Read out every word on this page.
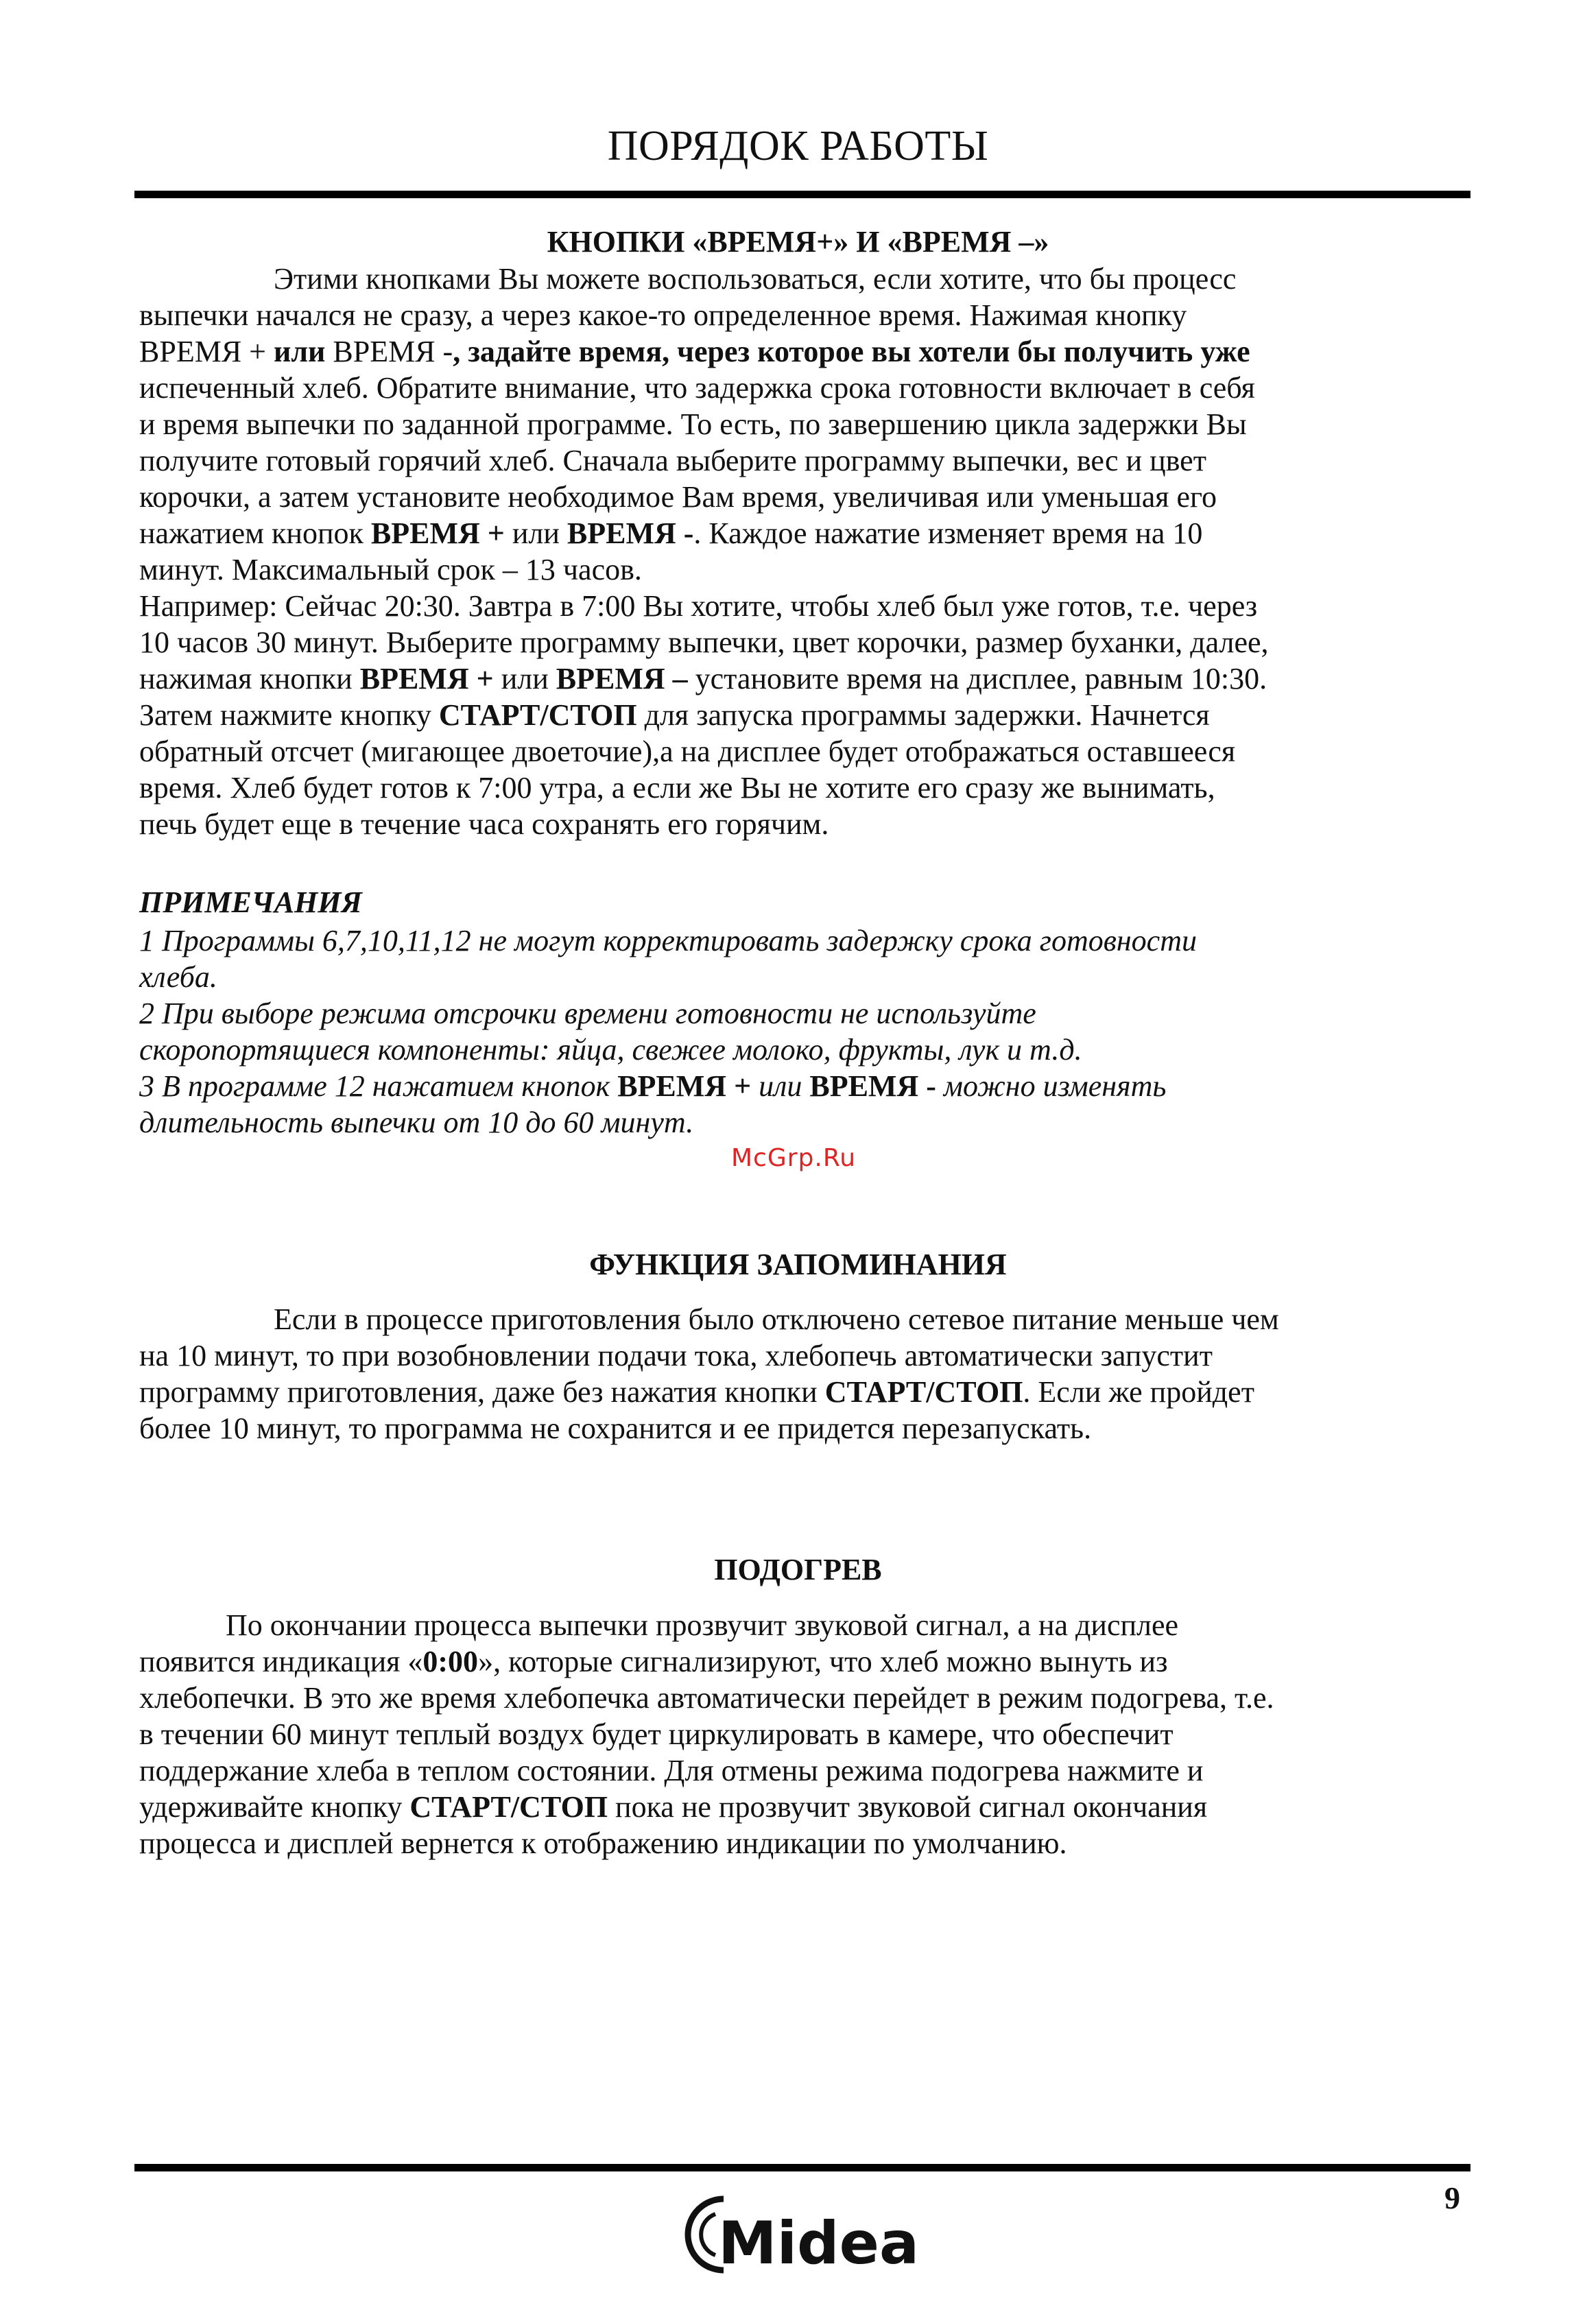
ПОРЯДОК РАБОТЫ
КНОПКИ «ВРЕМЯ+» И «ВРЕМЯ –»
Этими кнопками Вы можете воспользоваться, если хотите, что бы процесс
выпечки начался не сразу, а через какое-то определенное время. Нажимая кнопку
ВРЕМЯ + или ВРЕМЯ -, задайте время, через которое вы хотели бы получить уже
испеченный хлеб. Обратите внимание, что задержка срока готовности включает в себя
и время выпечки по заданной программе. То есть, по завершению цикла задержки Вы
получите готовый горячий хлеб. Сначала выберите программу выпечки, вес и цвет
корочки, а затем установите необходимое Вам время, увеличивая или уменьшая его
нажатием кнопок ВРЕМЯ + или ВРЕМЯ -. Каждое нажатие изменяет время на 10
минут. Максимальный срок – 13 часов.
Например: Сейчас 20:30. Завтра в 7:00 Вы хотите, чтобы хлеб был уже готов, т.е. через
10 часов 30 минут. Выберите программу выпечки, цвет корочки, размер буханки, далее,
нажимая кнопки ВРЕМЯ + или ВРЕМЯ – установите время на дисплее, равным 10:30.
Затем нажмите кнопку СТАРТ/СТОП для запуска программы задержки. Начнется
обратный отсчет (мигающее двоеточие),а на дисплее будет отображаться оставшееся
время. Хлеб будет готов к 7:00 утра, а если же Вы не хотите его сразу же вынимать,
печь будет еще в течение часа сохранять его горячим.
ПРИМЕЧАНИЯ
1 Программы 6,7,10,11,12 не могут корректировать задержку срока готовности
хлеба.
2 При выборе режима отсрочки времени готовности не используйте
скоропортящиеся компоненты: яйца, свежее молоко, фрукты, лук и т.д.
3 В программе 12 нажатием кнопок ВРЕМЯ + или ВРЕМЯ - можно изменять
длительность выпечки от 10 до 60 минут.
ФУНКЦИЯ ЗАПОМИНАНИЯ
Если в процессе приготовления было отключено сетевое питание меньше чем
на 10 минут, то при возобновлении подачи тока, хлебопечь автоматически запустит
программу приготовления, даже без нажатия кнопки СТАРТ/СТОП. Если же пройдет
более 10 минут, то программа не сохранится и ее придется перезапускать.
ПОДОГРЕВ
По окончании процесса выпечки прозвучит звуковой сигнал, а на дисплее
появится индикация «0:00», которые сигнализируют, что хлеб можно вынуть из
хлебопечки. В это же время хлебопечка автоматически перейдет в режим подогрева, т.е.
в течении 60 минут теплый воздух будет циркулировать в камере, что обеспечит
поддержание хлеба в теплом состоянии. Для отмены режима подогрева нажмите и
удерживайте кнопку СТАРТ/СТОП пока не прозвучит звуковой сигнал окончания
процесса и дисплей вернется к отображению индикации по умолчанию.
McGrp.Ru
9
Midea
